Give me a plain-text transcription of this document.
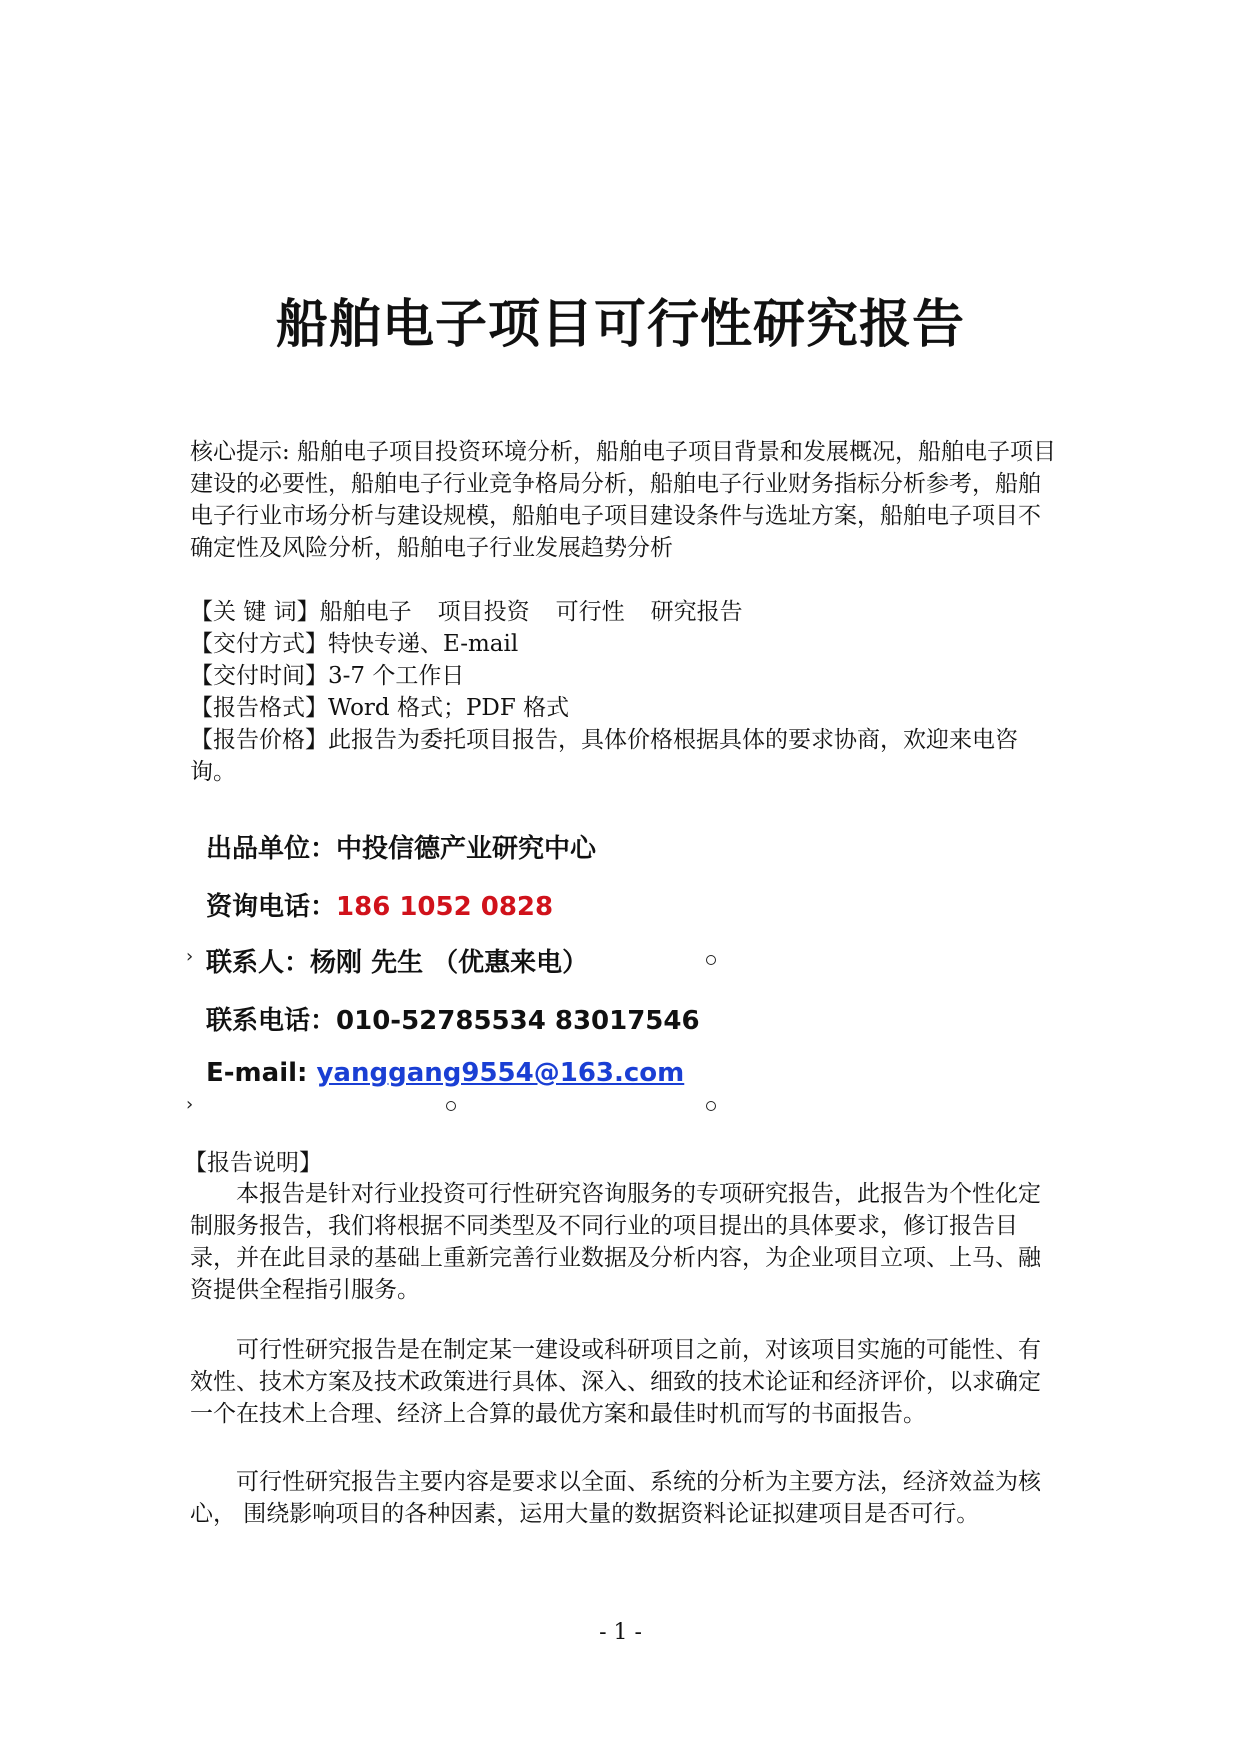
船舶电子项目可行性研究报告

核心提示: 船舶电子项目投资环境分析，船舶电子项目背景和发展概况，船舶电子项目建设的必要性，船舶电子行业竞争格局分析，船舶电子行业财务指标分析参考，船舶电子行业市场分析与建设规模，船舶电子项目建设条件与选址方案，船舶电子项目不确定性及风险分析，船舶电子行业发展趋势分析

【关 键 词】船舶电子 项目投资 可行性 研究报告
【交付方式】特快专递、E-mail
【交付时间】3-7 个工作日
【报告格式】Word 格式；PDF 格式
【报告价格】此报告为委托项目报告，具体价格根据具体的要求协商，欢迎来电咨询。
出品单位：中投信德产业研究中心
资询电话：186 1052 0828
› 联系人：杨刚 先生 （优惠来电）
联系电话：010-52785534 83017546
E-mail: yanggang9554@163.com
›

【报告说明】

本报告是针对行业投资可行性研究咨询服务的专项研究报告，此报告为个性化定制服务报告，我们将根据不同类型及不同行业的项目提出的具体要求，修订报告目录，并在此目录的基础上重新完善行业数据及分析内容，为企业项目立项、上马、融资提供全程指引服务。

可行性研究报告是在制定某一建设或科研项目之前，对该项目实施的可能性、有效性、技术方案及技术政策进行具体、深入、细致的技术论证和经济评价，以求确定一个在技术上合理、经济上合算的最优方案和最佳时机而写的书面报告。

可行性研究报告主要内容是要求以全面、系统的分析为主要方法，经济效益为核心， 围绕影响项目的各种因素，运用大量的数据资料论证拟建项目是否可行。

- 1 -
